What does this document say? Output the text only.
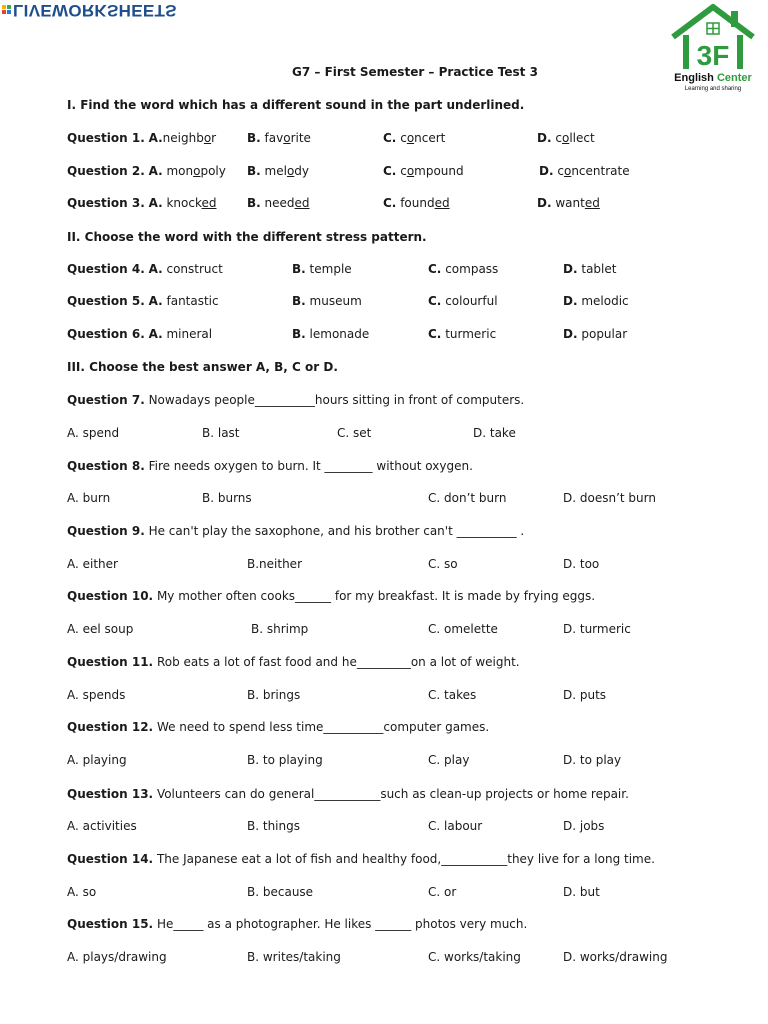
LIVEWORKSHEETS
3F
English Center
Learning and sharing
G7 – First Semester – Practice Test 3
I. Find the word which has a different sound in the part underlined.
Question 1. A.neighbor	B. favorite	C. concert	D. collect
Question 2. A. monopoly B. melody	C. compound	D. concentrate
Question 3. A. knocked	B. needed	C. founded	D. wanted
II. Choose the word with the different stress pattern.
Question 4. A. construct	B. temple	C. compass	D. tablet
Question 5. A. fantastic	B. museum	C. colourful	D. melodic
Question 6. A. mineral	B. lemonade	C. turmeric	D. popular
III. Choose the best answer A, B, C or D.
Question 7. Nowadays people__________hours sitting in front of computers.
A. spend	B. last	C. set	D. take
Question 8. Fire needs oxygen to burn. It ________ without oxygen.
A. burn	B. burns	C. don’t burn	D. doesn’t burn
Question 9. He can't play the saxophone, and his brother can't __________ .
A. either	B.neither	C. so	D. too
Question 10. My mother often cooks______ for my breakfast. It is made by frying eggs.
A. eel soup	B. shrimp	C. omelette	D. turmeric
Question 11. Rob eats a lot of fast food and he_________on a lot of weight.
A. spends	B. brings	C. takes	D. puts
Question 12. We need to spend less time__________computer games.
A. playing	B. to playing	C. play	D. to play
Question 13. Volunteers can do general___________such as clean-up projects or home repair.
A. activities	B. things	C. labour	D. jobs
Question 14. The Japanese eat a lot of fish and healthy food,___________they live for a long time.
A. so	B. because	C. or	D. but
Question 15. He_____ as a photographer. He likes ______ photos very much.
A. plays/drawing	B. writes/taking	C. works/taking	D. works/drawing
